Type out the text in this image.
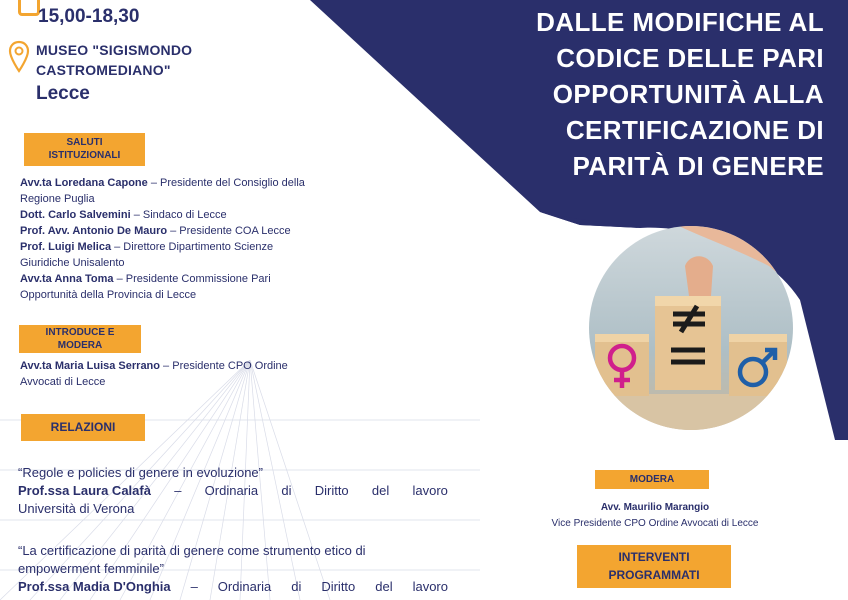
15,00-18,30
MUSEO "SIGISMONDO
CASTROMEDIANO"
Lecce
DALLE MODIFICHE AL
CODICE DELLE PARI
OPPORTUNITÀ ALLA
CERTIFICAZIONE DI
PARITÀ DI GENERE
SALUTI
ISTITUZIONALI
Avv.ta Loredana Capone – Presidente del Consiglio della Regione Puglia
Dott. Carlo Salvemini – Sindaco di Lecce
Prof. Avv. Antonio De Mauro – Presidente COA Lecce
Prof. Luigi Melica – Direttore Dipartimento Scienze Giuridiche Unisalento
Avv.ta Anna Toma – Presidente Commissione Pari Opportunità della Provincia di Lecce
INTRODUCE E
MODERA
Avv.ta Maria Luisa Serrano – Presidente CPO Ordine Avvocati di Lecce
RELAZIONI
“Regole e policies di genere in evoluzione”
Prof.ssa Laura Calafà – Ordinaria di Diritto del lavoro
Università di Verona
“La certificazione di parità di genere come strumento etico di empowerment femminile”
Prof.ssa Madia D'Onghia – Ordinaria di Diritto del lavoro
MODERA
Avv. Maurilio Marangio
Vice Presidente CPO Ordine Avvocati di Lecce
INTERVENTI
PROGRAMMATI
